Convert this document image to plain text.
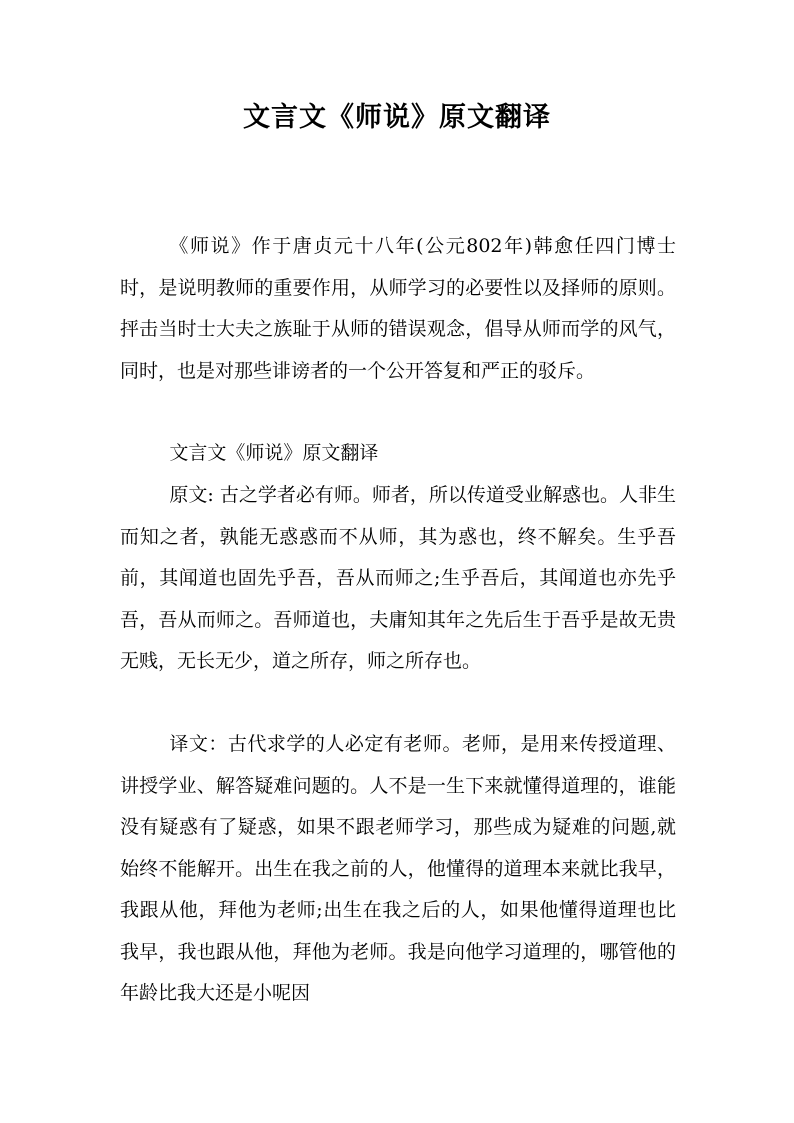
文言文《师说》原文翻译

《师说》作于唐贞元十八年(公元802年)韩愈任四门博士时，是说明教师的重要作用，从师学习的必要性以及择师的原则。抨击当时士大夫之族耻于从师的错误观念，倡导从师而学的风气，同时，也是对那些诽谤者的一个公开答复和严正的驳斥。

文言文《师说》原文翻译

原文: 古之学者必有师。师者，所以传道受业解惑也。人非生而知之者，孰能无惑惑而不从师，其为惑也，终不解矣。生乎吾前，其闻道也固先乎吾，吾从而师之;生乎吾后，其闻道也亦先乎吾，吾从而师之。吾师道也，夫庸知其年之先后生于吾乎是故无贵无贱，无长无少，道之所存，师之所存也。

译文：古代求学的人必定有老师。老师，是用来传授道理、讲授学业、解答疑难问题的。人不是一生下来就懂得道理的，谁能没有疑惑有了疑惑，如果不跟老师学习，那些成为疑难的问题,就始终不能解开。出生在我之前的人，他懂得的道理本来就比我早，我跟从他，拜他为老师;出生在我之后的人，如果他懂得道理也比我早，我也跟从他，拜他为老师。我是向他学习道理的，哪管他的年龄比我大还是小呢因
